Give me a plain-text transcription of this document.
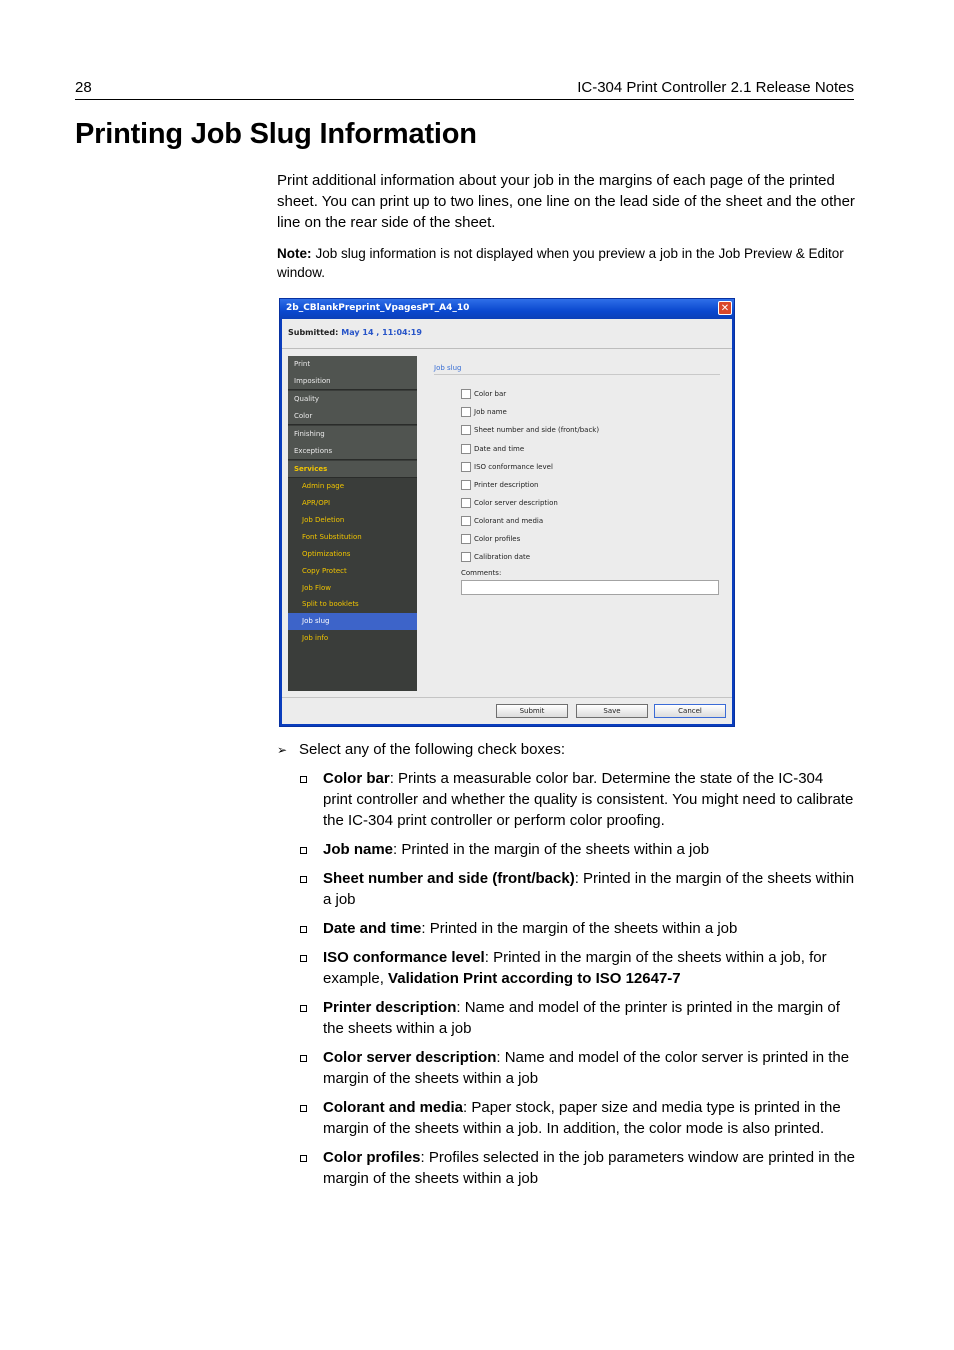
28	IC-304 Print Controller 2.1 Release Notes
Printing Job Slug Information

Print additional information about your job in the margins of each page of the printed sheet. You can print up to two lines, one line on the lead side of the sheet and the other line on the rear side of the sheet.

Note: Job slug information is not displayed when you preview a job in the Job Preview & Editor window.

2b_CBlankPreprint_VpagesPT_A4_10	✕
Submitted: May 14 , 11:04:19
Print
Imposition
Quality
Color
Finishing
Exceptions
Services
Admin page
APR/OPI
Job Deletion
Font Substitution
Optimizations
Copy Protect
Job Flow
Split to booklets
Job slug
Job info
Job slug
Color bar
Job name
Sheet number and side (front/back)
Date and time
ISO conformance level
Printer description
Color server description
Colorant and media
Color profiles
Calibration date
Comments:
Submit	Save	Cancel
➢ Select any of the following check boxes:
Color bar: Prints a measurable color bar. Determine the state of the IC-304 print controller and whether the quality is consistent. You might need to calibrate the IC-304 print controller or perform color proofing.
Job name: Printed in the margin of the sheets within a job
Sheet number and side (front/back): Printed in the margin of the sheets within a job
Date and time: Printed in the margin of the sheets within a job
ISO conformance level: Printed in the margin of the sheets within a job, for example, Validation Print according to ISO 12647-7
Printer description: Name and model of the printer is printed in the margin of the sheets within a job
Color server description: Name and model of the color server is printed in the margin of the sheets within a job
Colorant and media: Paper stock, paper size and media type is printed in the margin of the sheets within a job. In addition, the color mode is also printed.
Color profiles: Profiles selected in the job parameters window are printed in the margin of the sheets within a job
